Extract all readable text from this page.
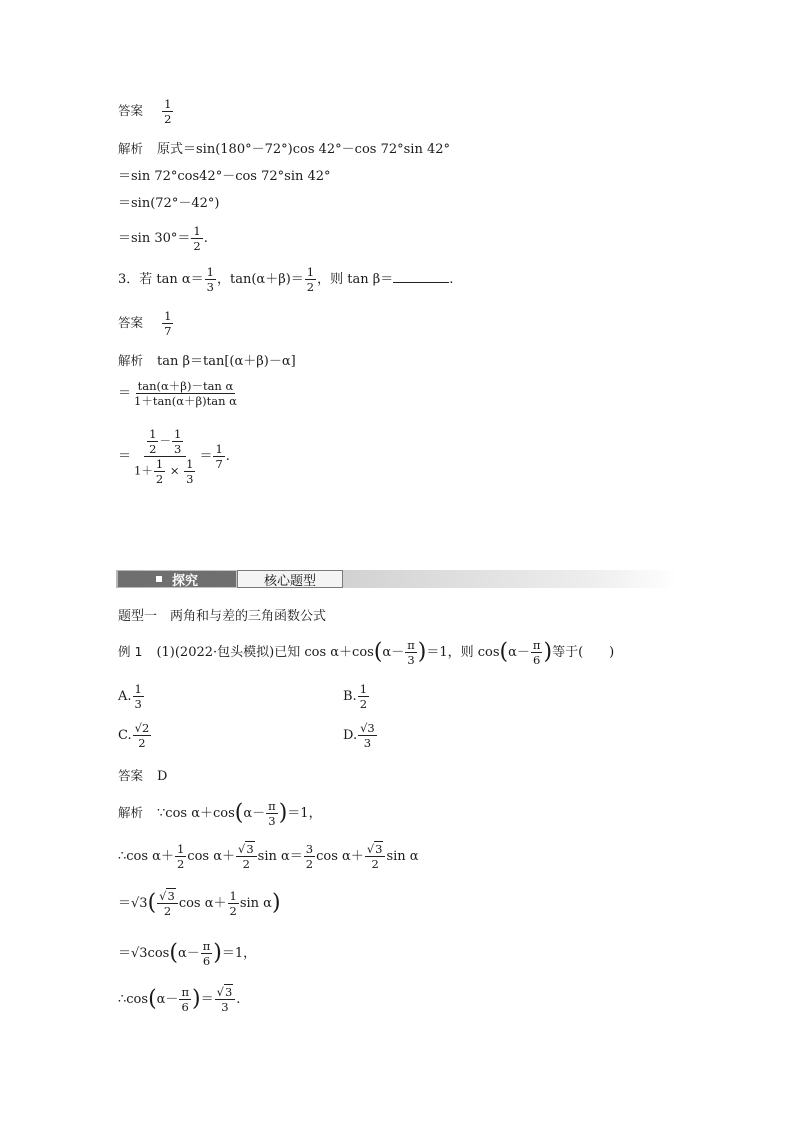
答案 $\frac{1}{2}$
解析 原式＝sin(180°－72°)cos 42°－cos 72°sin 42°
＝sin 72°cos42°－cos 72°sin 42°
＝sin(72°－42°)
＝sin $30^\circ= \frac{1}{2}$ .
3．若 $\tan \alpha= \frac{1}{3}$ ，$\tan(\alpha+\beta)= \frac{1}{2}$ ，则 tan β＝	.
答案 $\frac{1}{7}$
解析 tan β＝tan[(α＋β)－α]
＝ $\frac{\text{tan(α＋β)－tan α}}{\text{1＋tan(α＋β)tan α}}$
＝ $\frac{\frac{1}{2} - \frac{1}{3}}{1+ \frac{1}{2} \times \frac{1}{3}} = \frac{1}{7}$ .
探究	核心题型
题型一　两角和与差的三角函数公式
例 1 (1)(2022·包头模拟)已知 $\cos \alpha+\cos(\alpha- \frac{\pi}{3} )=1$，则 $\cos(\alpha- \frac{\pi}{6}$ )等于(　　)
A. $\frac{1}{3}$	B. $\frac{1}{2}$
C. $\frac{√2}{2}$	D. $\frac{√3}{3}$
答案 D
解析 ∵cos $\alpha+\cos(\alpha- \frac{\pi}{3} )=1$，
∴cos $\alpha+ \frac{1}{2}$ $\cos \alpha+ \frac{√3}{2}$ $\sin \alpha= \frac{3}{2}$ $\cos \alpha+ \frac{√3}{2}$ sin α
$=√3( \frac{√3}{2}$ $\cos \alpha+ \frac{1}{2}$ sin α)
$=√3\cos(\alpha- \frac{\pi}{6} )=1$，
∴cos(α－ $\frac{\pi}{6}$ )＝ $\frac{√3}{3}$ .
